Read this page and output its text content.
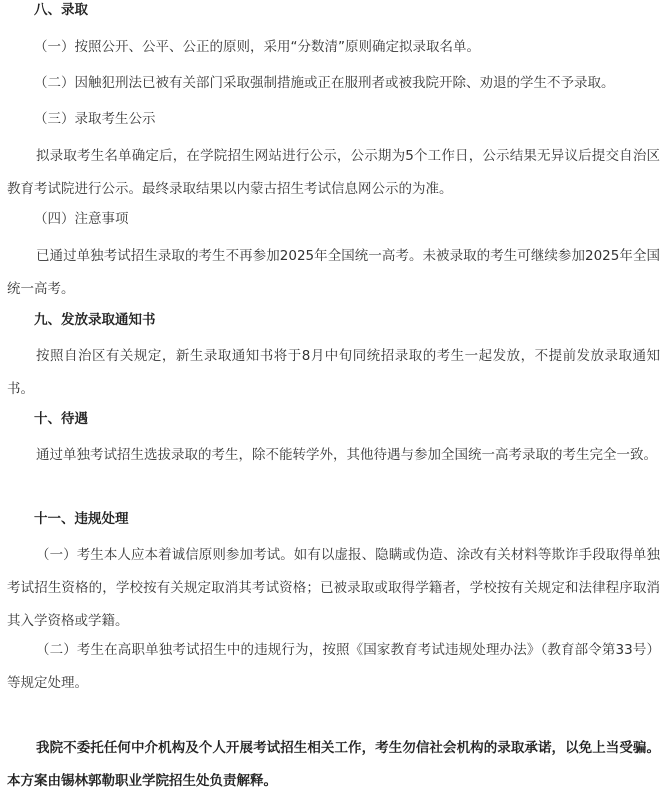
八、录取

（一）按照公开、公平、公正的原则，采用“分数清”原则确定拟录取名单。

（二）因触犯刑法已被有关部门采取强制措施或正在服刑者或被我院开除、劝退的学生不予录取。

（三）录取考生公示

拟录取考生名单确定后，在学院招生网站进行公示，公示期为5个工作日，公示结果无异议后提交自治区教育考试院进行公示。最终录取结果以内蒙古招生考试信息网公示的为准。

（四）注意事项

已通过单独考试招生录取的考生不再参加2025年全国统一高考。未被录取的考生可继续参加2025年全国统一高考。

九、发放录取通知书

按照自治区有关规定，新生录取通知书将于8月中旬同统招录取的考生一起发放，不提前发放录取通知书。

十、待遇

通过单独考试招生选拔录取的考生，除不能转学外，其他待遇与参加全国统一高考录取的考生完全一致。

十一、违规处理

（一）考生本人应本着诚信原则参加考试。如有以虚报、隐瞒或伪造、涂改有关材料等欺诈手段取得单独考试招生资格的，学校按有关规定取消其考试资格；已被录取或取得学籍者，学校按有关规定和法律程序取消其入学资格或学籍。

（二）考生在高职单独考试招生中的违规行为，按照《国家教育考试违规处理办法》（教育部令第33号）等规定处理。

我院不委托任何中介机构及个人开展考试招生相关工作，考生勿信社会机构的录取承诺，以免上当受骗。本方案由锡林郭勒职业学院招生处负责解释。
